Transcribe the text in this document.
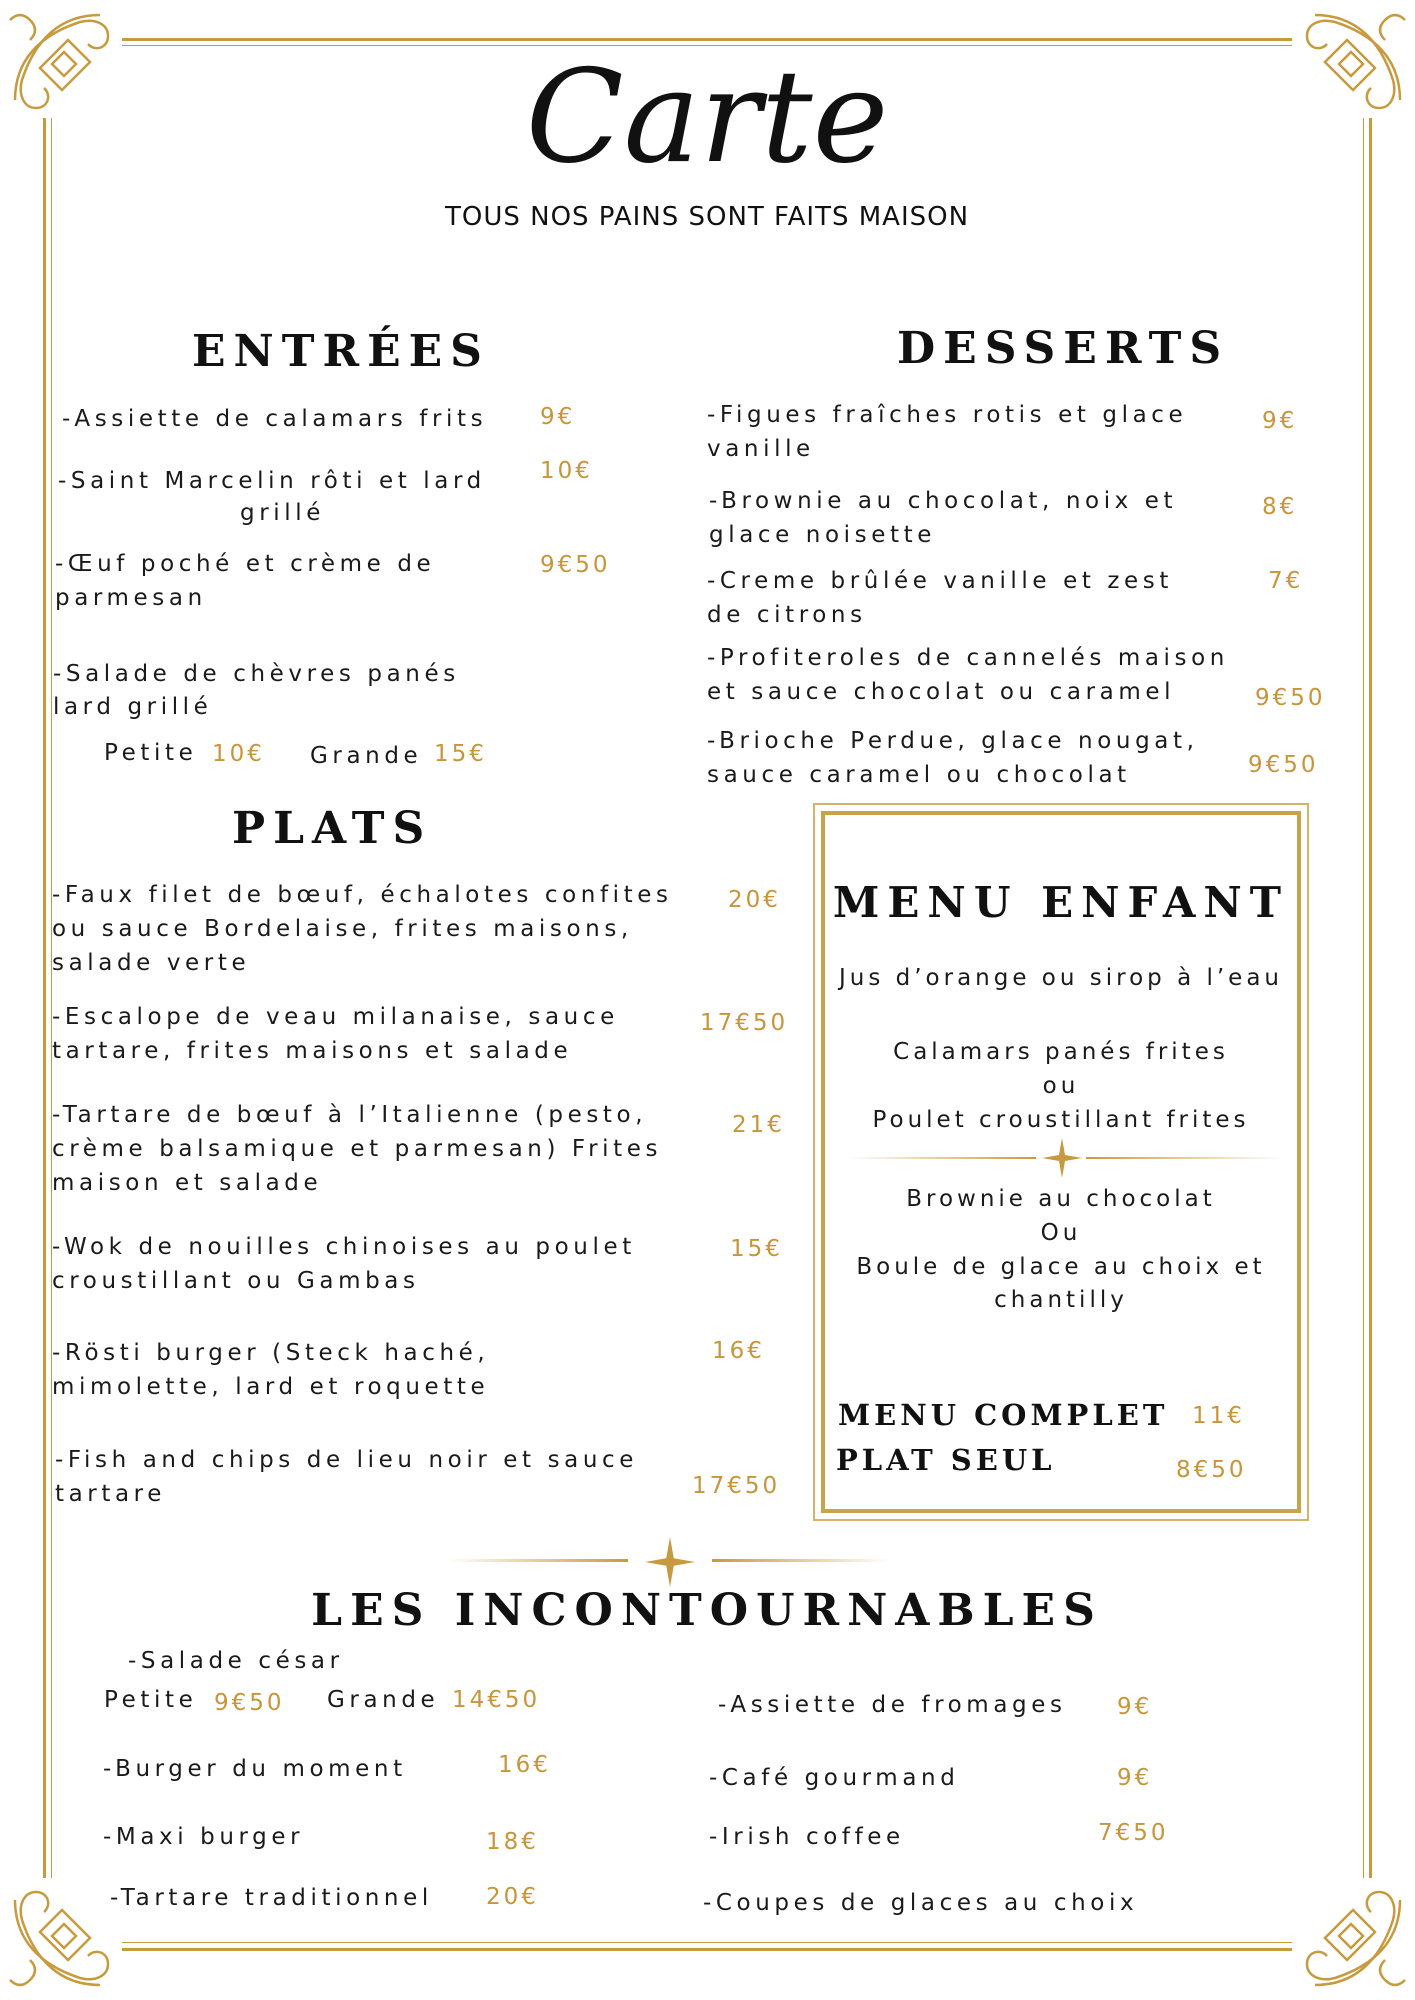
Carte
TOUS NOS PAINS SONT FAITS MAISON
ENTRÉES
-Assiette de calamars frits 9€
-Saint Marcelin rôti et lard
grillé
10€
-Œuf poché et crème de
parmesan
9€50
-Salade de chèvres panés
lard grillé
Petite 10€ Grande 15€
DESSERTS
-Figues fraîches rotis et glace
vanille
9€
-Brownie au chocolat, noix et
glace noisette
8€
-Creme brûlée vanille et zest
de citrons
7€
-Profiteroles de cannelés maison
et sauce chocolat ou caramel	9€50
-Brioche Perdue, glace nougat,
sauce caramel ou chocolat	9€50
PLATS
-Faux filet de bœuf, échalotes confites
ou sauce Bordelaise, frites maisons,
salade verte
20€
-Escalope de veau milanaise, sauce
tartare, frites maisons et salade
17€50
-Tartare de bœuf à l’Italienne (pesto,
crème balsamique et parmesan) Frites
maison et salade
21€
-Wok de nouilles chinoises au poulet
croustillant ou Gambas
15€
-Rösti burger (Steck haché,
mimolette, lard et roquette
16€
-Fish and chips de lieu noir et sauce
tartare	17€50
MENU ENFANT
Jus d’orange ou sirop à l’eau
Calamars panés frites
ou
Poulet croustillant frites
Brownie au chocolat
Ou
Boule de glace au choix et
chantilly
MENU COMPLET 11€
PLAT SEUL	8€50
LES INCONTOURNABLES
-Salade césar
Petite 9€50 Grande 14€50
-Burger du moment	16€
-Maxi burger	18€
-Tartare traditionnel 20€
-Assiette de fromages 9€
-Café gourmand	9€
-Irish coffee	7€50
-Coupes de glaces au choix
